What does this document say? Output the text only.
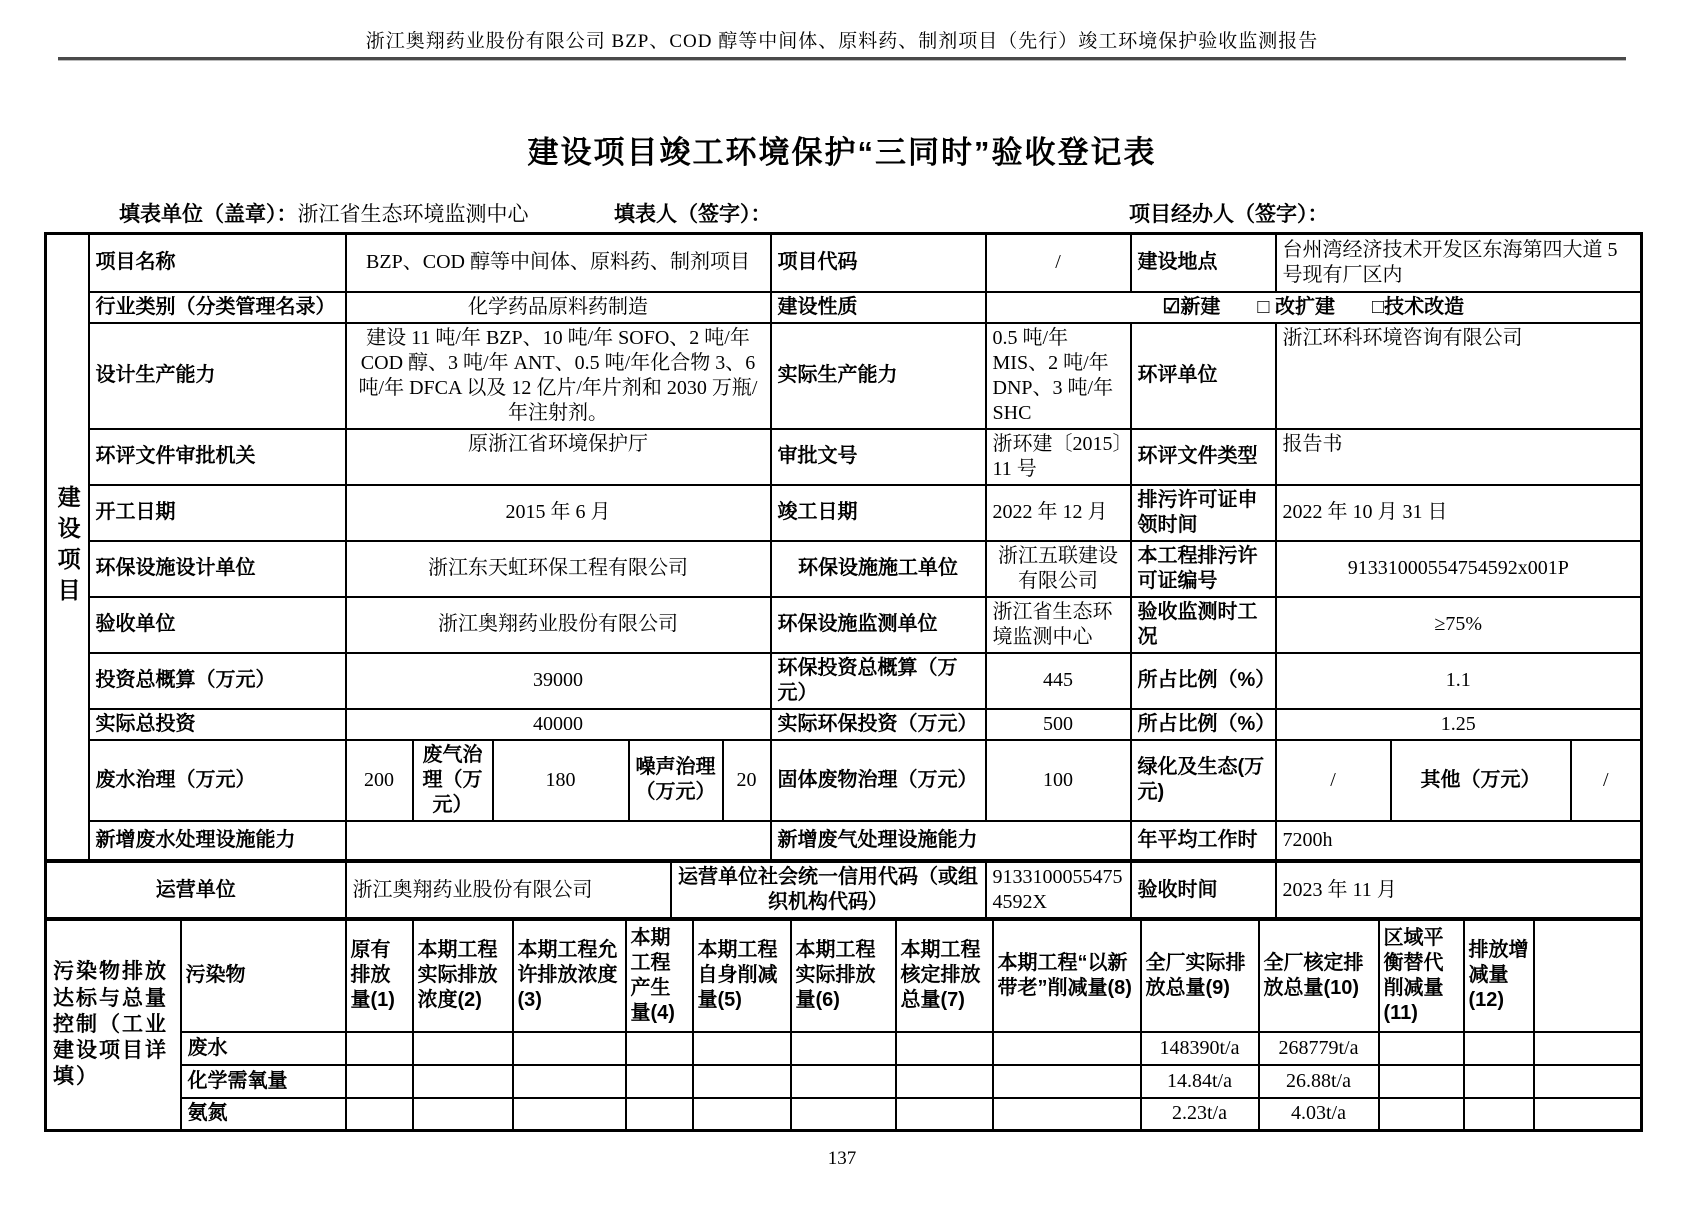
浙江奥翔药业股份有限公司 BZP、COD 醇等中间体、原料药、制剂项目（先行）竣工环境保护验收监测报告
建设项目竣工环境保护“三同时”验收登记表
填表单位（盖章）：浙江省生态环境监测中心	填表人（签字）：	项目经办人（签字）：
建设项目	项目名称	BZP、COD 醇等中间体、原料药、制剂项目					项目代码	/	建设地点	台州湾经济技术开发区东海第四大道 5 号现有厂区内		
	行业类别（分类管理名录）	化学药品原料药制造					建设性质	☑新建 □ 改扩建 □技术改造				
	设计生产能力	建设 11 吨/年 BZP、10 吨/年 SOFO、2 吨/年 COD 醇、3 吨/年 ANT、0.5 吨/年化合物 3、6 吨/年 DFCA 以及 12 亿片/年片剂和 2030 万瓶/年注射剂。					实际生产能力	0.5 吨/年 MIS、2 吨/年 DNP、3 吨/年 SHC	环评单位	浙江环科环境咨询有限公司		
	环评文件审批机关	原浙江省环境保护厅					审批文号	浙环建〔2015〕11 号	环评文件类型	报告书		
	开工日期	2015 年 6 月					竣工日期	2022 年 12 月	排污许可证申领时间	2022 年 10 月 31 日		
	环保设施设计单位	浙江东天虹环保工程有限公司					环保设施施工单位	浙江五联建设有限公司	本工程排污许可证编号	91331000554754592x001P		
	验收单位	浙江奥翔药业股份有限公司					环保设施监测单位	浙江省生态环境监测中心	验收监测时工况	≥75%		
	投资总概算（万元）	39000					环保投资总概算（万元）	445	所占比例（%）	1.1		
	实际总投资	40000					实际环保投资（万元）	500	所占比例（%）	1.25		
	废水治理（万元）	200	废气治理（万元）	180	噪声治理（万元）	20	固体废物治理（万元）	100	绿化及生态(万元)	/	其他（万元）	/
	新增废水处理设施能力						新增废气处理设施能力		年平均工作时	7200h		
运营单位	浙江奥翔药业股份有限公司	运营单位社会统一信用代码（或组织机构代码）	91331000554754592X	验收时间	2023 年 11 月
污染物排放达标与总量控制（工业建设项目详填）	污染物	原有排放量(1)	本期工程实际排放浓度(2)	本期工程允许排放浓度(3)	本期工程产生量(4)	本期工程自身削减量(5)	本期工程实际排放量(6)	本期工程核定排放总量(7)	本期工程“以新带老”削减量(8)	全厂实际排放总量(9)	全厂核定排放总量(10)	区域平衡替代削减量(11)	排放增减量(12)	
	废水									148390t/a	268779t/a			
	化学需氧量									14.84t/a	26.88t/a			
	氨氮									2.23t/a	4.03t/a			
137
